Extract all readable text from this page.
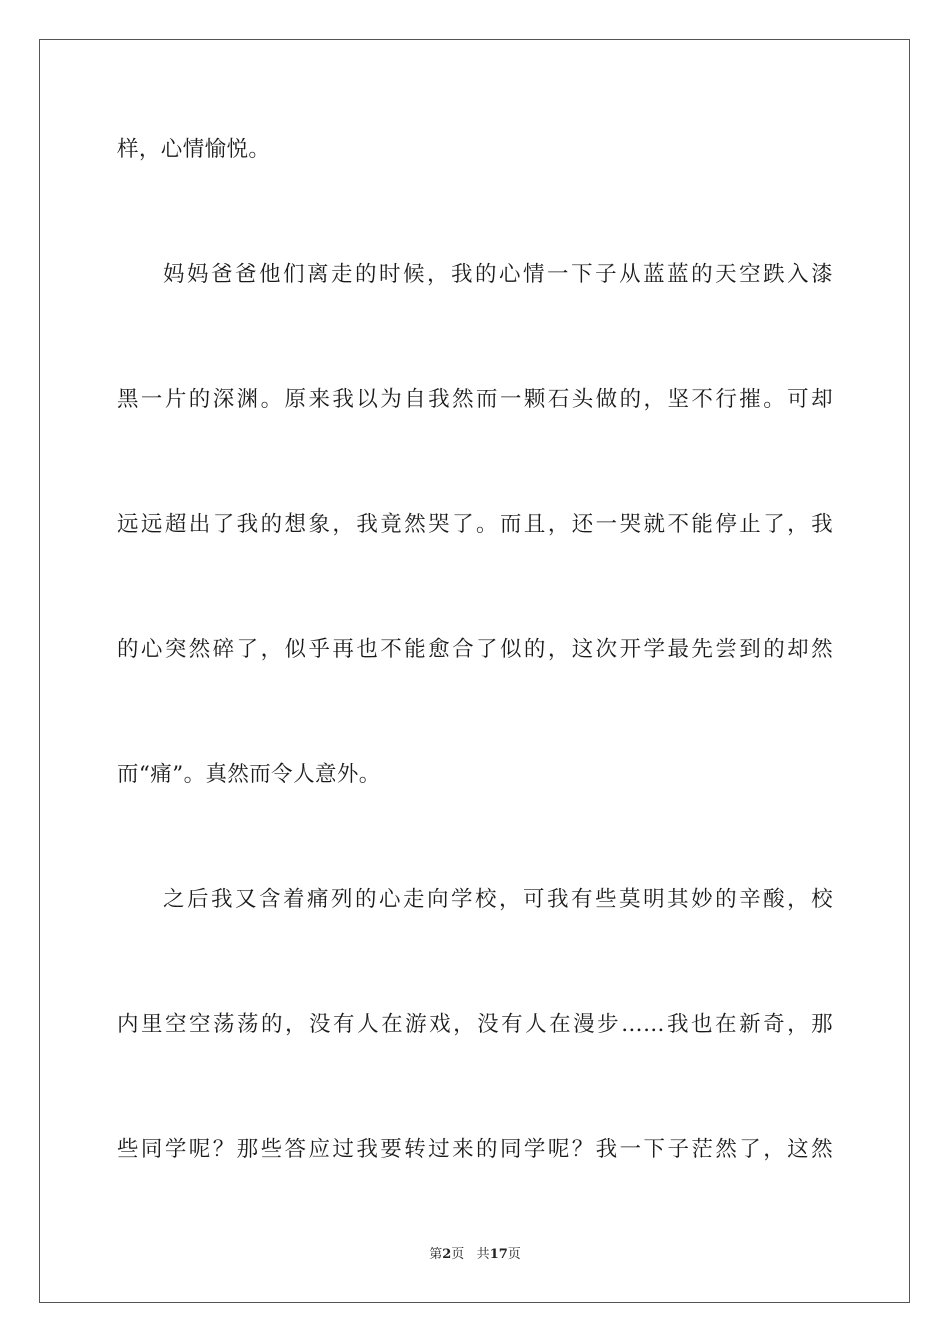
样，心情愉悦。
妈妈爸爸他们离走的时候，我的心情一下子从蓝蓝的天空跌入漆
黑一片的深渊。原来我以为自我然而一颗石头做的，坚不行摧。可却
远远超出了我的想象，我竟然哭了。而且，还一哭就不能停止了，我
的心突然碎了，似乎再也不能愈合了似的，这次开学最先尝到的却然
而“痛”。真然而令人意外。
之后我又含着痛列的心走向学校，可我有些莫明其妙的辛酸，校
内里空空荡荡的，没有人在游戏，没有人在漫步……我也在新奇，那
些同学呢？那些答应过我要转过来的同学呢？我一下子茫然了，这然
第2页 共17页
